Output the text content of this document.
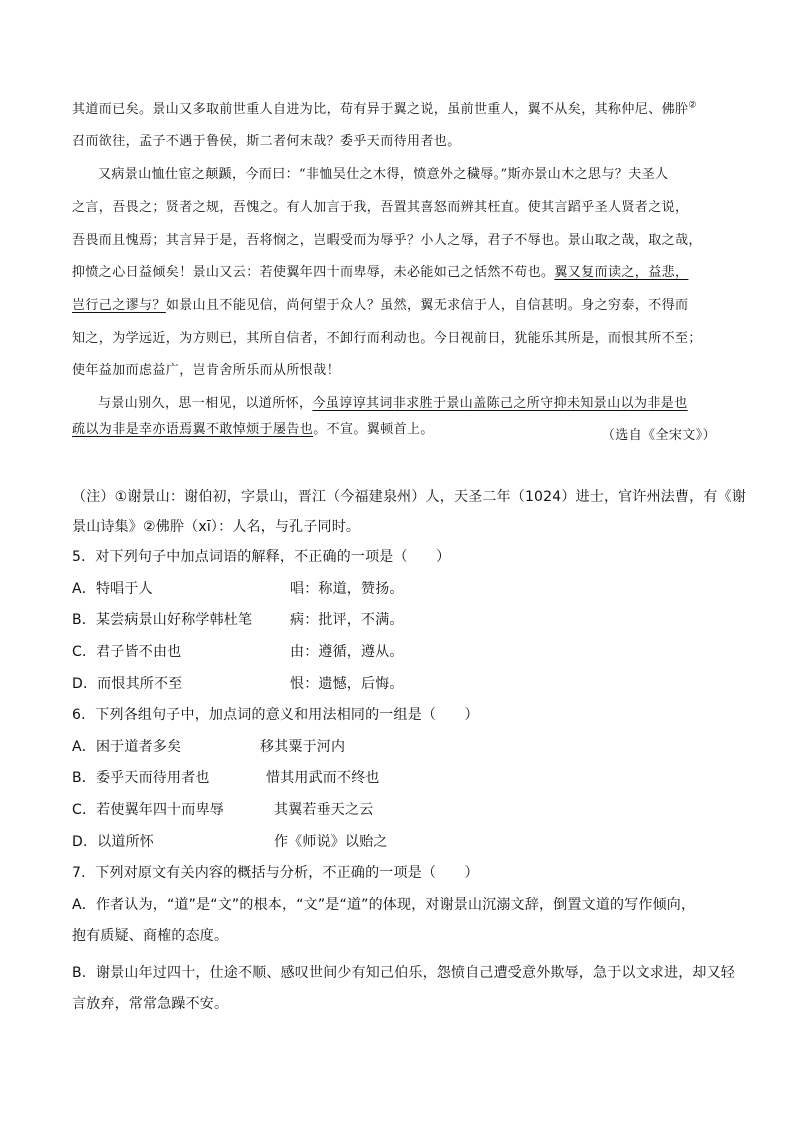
其道而已矣。景山又多取前世重人自进为比，苟有异于翼之说，虽前世重人，翼不从矣，其称仲尼、佛肸②
召而欲往，孟子不遇于鲁侯，斯二者何末哉？委乎天而待用者也。
又病景山恤仕宦之颠踬，今而曰：“非恤吴仕之木得，愤意外之穢辱。”斯亦景山木之思与？夫圣人
之言，吾畏之；贤者之规，吾愧之。有人加言于我，吾置其喜怒而辨其枉直。使其言蹈乎圣人贤者之说，
吾畏而且愧焉；其言异于是，吾将悯之，岂暇受而为辱乎？小人之辱，君子不辱也。景山取之哉，取之哉，
抑愤之心日益倾矣！景山又云：若使翼年四十而卑辱，未必能如己之恬然不苟也。翼又复而读之，益悲，
岂行己之谬与？如景山且不能见信，尚何望于众人？虽然，翼无求信于人，自信甚明。身之穷泰，不得而
知之，为学远近，为方则已，其所自信者，不卸行而利动也。今日视前日，犹能乐其所是，而恨其所不至；
使年益加而虑益广，岂肯舍所乐而从所恨哉！
与景山别久，思一相见，以道所怀，今虽谆谆其词非求胜于景山盖陈己之所守抑未知景山以为非是也
疏以为非是幸亦语焉翼不敢悼烦于屡告也。不宣。翼顿首上。	（选自《全宋文》）
（注）①谢景山：谢伯初，字景山，晋江（今福建泉州）人，天圣二年（1024）进士，官许州法曹，有《谢
景山诗集》②佛肸（xī）：人名，与孔子同时。
5．对下列句子中加点词语的解释，不正确的一项是（　　）
A．特唱于人	唱：称道，赞扬。
B．某尝病景山好称学韩杜笔	病：批评，不满。
C．君子皆不由也	由：遵循，遵从。
D．而恨其所不至	恨：遗憾，后悔。
6．下列各组句子中，加点词的意义和用法相同的一组是（　　）
A．困于道者多矣	移其粟于河内
B．委乎天而待用者也	惜其用武而不终也
C．若使翼年四十而卑辱	其翼若垂天之云
D．以道所怀	作《师说》以贻之
7．下列对原文有关内容的概括与分析，不正确的一项是（　　）
A．作者认为，“道”是“文”的根本，“文”是“道”的体现，对谢景山沉溺文辞，倒置文道的写作倾向，
抱有质疑、商榷的态度。
B．谢景山年过四十，仕途不顺、感叹世间少有知己伯乐，怨愤自己遭受意外欺辱，急于以文求进，却又轻
言放弃，常常急躁不安。
